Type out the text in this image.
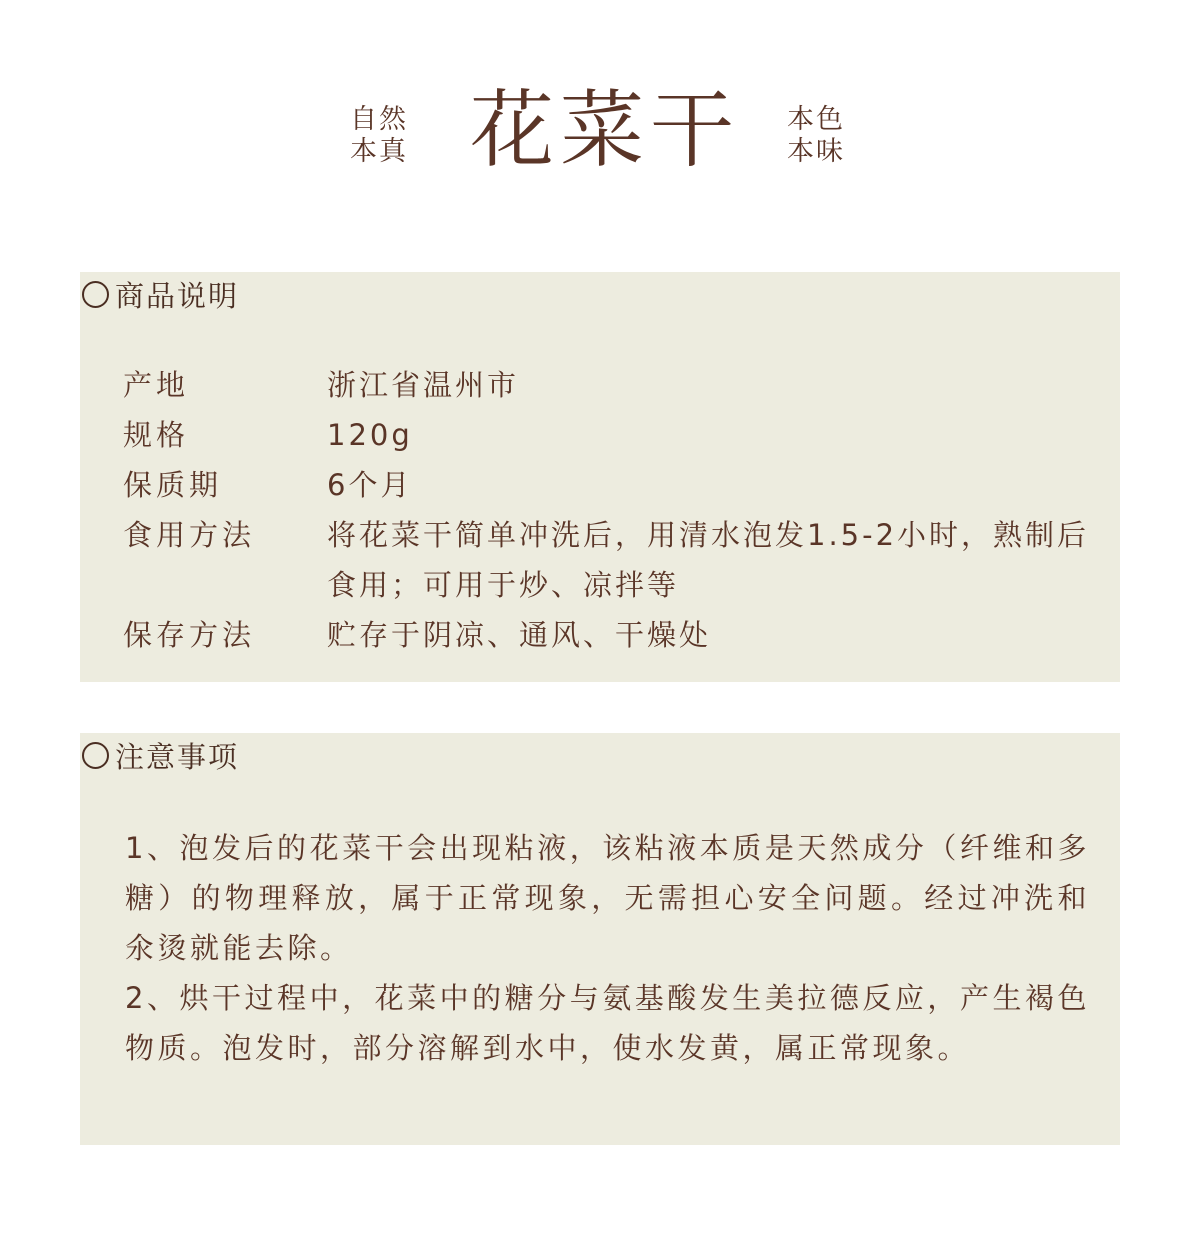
自然
本真 花菜干 本色
本味
商品说明
产地	浙江省温州市
规格	120g
保质期	6个月
食用方法	将花菜干简单冲洗后，用清水泡发1.5-2小时，熟制后食用；可用于炒、凉拌等
保存方法	贮存于阴凉、通风、干燥处
注意事项

1、泡发后的花菜干会出现粘液，该粘液本质是天然成分（纤维和多糖）的物理释放，属于正常现象，无需担心安全问题。经过冲洗和氽烫就能去除。

2、烘干过程中，花菜中的糖分与氨基酸发生美拉德反应，产生褐色物质。泡发时，部分溶解到水中，使水发黄，属正常现象。
